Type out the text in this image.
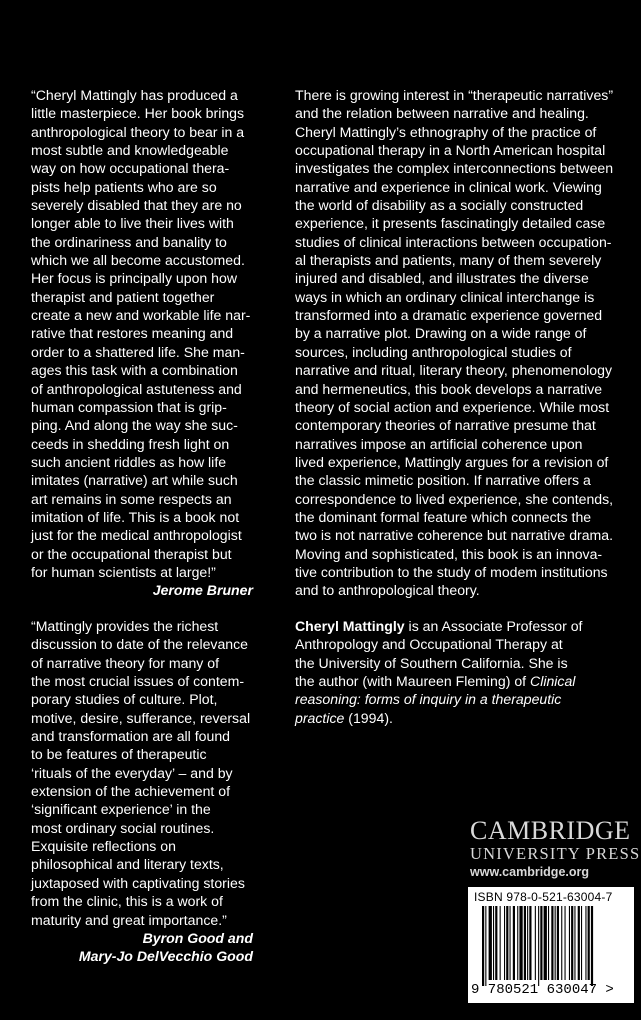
“Cheryl Mattingly has produced a

little masterpiece. Her book brings

anthropological theory to bear in a

most subtle and knowledgeable

way on how occupational thera-

pists help patients who are so

severely disabled that they are no

longer able to live their lives with

the ordinariness and banality to

which we all become accustomed.

Her focus is principally upon how

therapist and patient together

create a new and workable life nar-

rative that restores meaning and

order to a shattered life. She man-

ages this task with a combination

of anthropological astuteness and

human compassion that is grip-

ping. And along the way she suc-

ceeds in shedding fresh light on

such ancient riddles as how life

imitates (narrative) art while such

art remains in some respects an

imitation of life. This is a book not

just for the medical anthropologist

or the occupational therapist but

for human scientists at large!”

Jerome Bruner

“Mattingly provides the richest

discussion to date of the relevance

of narrative theory for many of

the most crucial issues of contem-

porary studies of culture. Plot,

motive, desire, sufferance, reversal

and transformation are all found

to be features of therapeutic

‘rituals of the everyday’ – and by

extension of the achievement of

‘significant experience’ in the

most ordinary social routines.

Exquisite reflections on

philosophical and literary texts,

juxtaposed with captivating stories

from the clinic, this is a work of

maturity and great importance.”

Byron Good and

Mary-Jo DelVecchio Good

There is growing interest in “therapeutic narratives”

and the relation between narrative and healing.

Cheryl Mattingly’s ethnography of the practice of

occupational therapy in a North American hospital

investigates the complex interconnections between

narrative and experience in clinical work. Viewing

the world of disability as a socially constructed

experience, it presents fascinatingly detailed case

studies of clinical interactions between occupation-

al therapists and patients, many of them severely

injured and disabled, and illustrates the diverse

ways in which an ordinary clinical interchange is

transformed into a dramatic experience governed

by a narrative plot. Drawing on a wide range of

sources, including anthropological studies of

narrative and ritual, literary theory, phenomenology

and hermeneutics, this book develops a narrative

theory of social action and experience. While most

contemporary theories of narrative presume that

narratives impose an artificial coherence upon

lived experience, Mattingly argues for a revision of

the classic mimetic position. If narrative offers a

correspondence to lived experience, she contends,

the dominant formal feature which connects the

two is not narrative coherence but narrative drama.

Moving and sophisticated, this book is an innova-

tive contribution to the study of modem institutions

and to anthropological theory.

Cheryl Mattingly is an Associate Professor of

Anthropology and Occupational Therapy at

the University of Southern California. She is

the author (with Maureen Fleming) of Clinical

reasoning: forms of inquiry in a therapeutic

practice (1994).

CAMBRIDGE
UNIVERSITY PRESS
www.cambridge.org
ISBN 978-0-521-63004-7
9 780521 630047 >
